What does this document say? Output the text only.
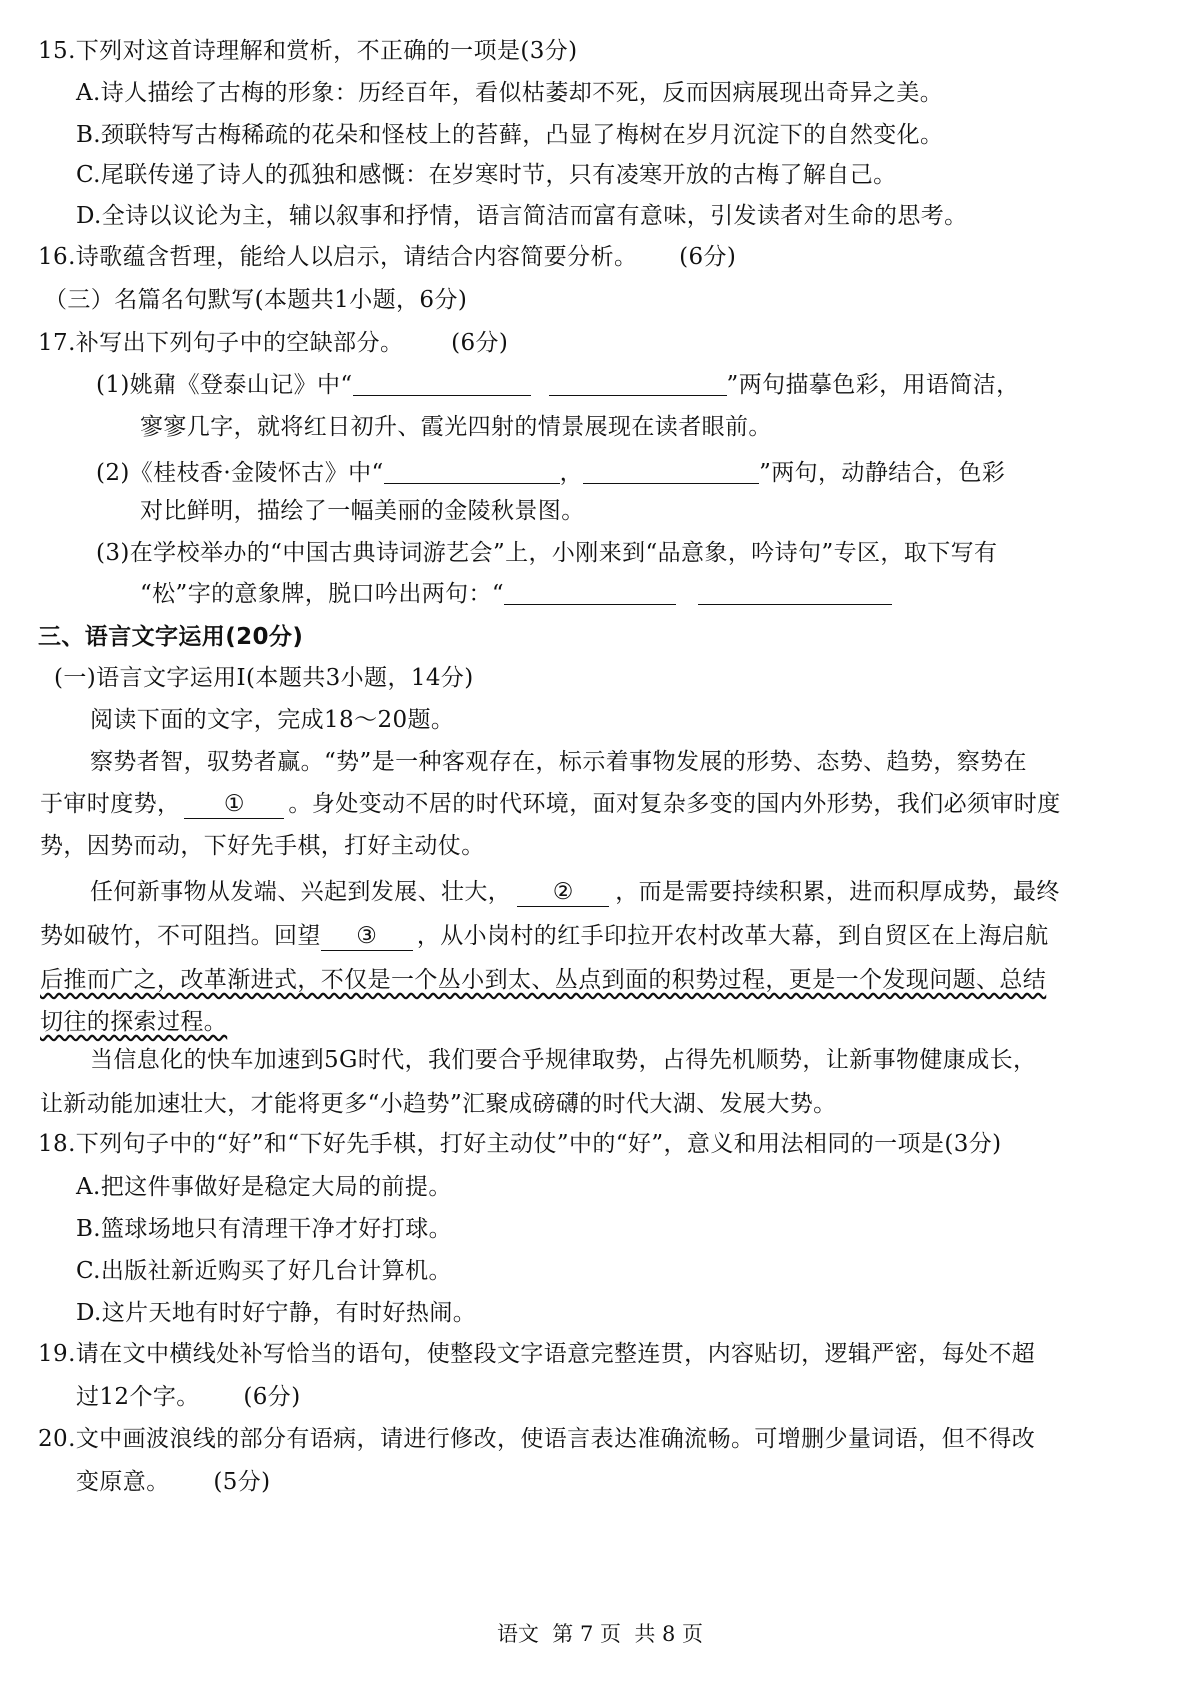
15.下列对这首诗理解和赏析，不正确的一项是(3分)
A.诗人描绘了古梅的形象：历经百年，看似枯萎却不死，反而因病展现出奇异之美。
B.颈联特写古梅稀疏的花朵和怪枝上的苔藓，凸显了梅树在岁月沉淀下的自然变化。
C.尾联传递了诗人的孤独和感慨：在岁寒时节，只有凌寒开放的古梅了解自己。
D.全诗以议论为主，辅以叙事和抒情，语言简洁而富有意味，引发读者对生命的思考。
16.诗歌蕴含哲理，能给人以启示，请结合内容简要分析。 (6分)
（三）名篇名句默写(本题共1小题，6分)
17.补写出下列句子中的空缺部分。 (6分)
(1)姚鼐《登泰山记》中“	”两句描摹色彩，用语简洁，
寥寥几字，就将红日初升、霞光四射的情景展现在读者眼前。
(2)《桂枝香·金陵怀古》中“	，	”两句，动静结合，色彩
对比鲜明，描绘了一幅美丽的金陵秋景图。
(3)在学校举办的“中国古典诗词游艺会”上，小刚来到“品意象，吟诗句”专区，取下写有
“松”字的意象牌，脱口吟出两句：“
三、语言文字运用(20分)
(一)语言文字运用I(本题共3小题，14分)
阅读下面的文字，完成18～20题。
察势者智，驭势者赢。“势”是一种客观存在，标示着事物发展的形势、态势、趋势，察势在
于审时度势， ① 。身处变动不居的时代环境，面对复杂多变的国内外形势，我们必须审时度
势，因势而动，下好先手棋，打好主动仗。
任何新事物从发端、兴起到发展、壮大， ② ，而是需要持续积累，进而积厚成势，最终
势如破竹，不可阻挡。回望 ③ ，从小岗村的红手印拉开农村改革大幕，到自贸区在上海启航
后推而广之，改革渐进式，不仅是一个丛小到太、丛点到面的积势过程，更是一个发现问题、总结
切往的探索过程。
当信息化的快车加速到5G时代，我们要合乎规律取势，占得先机顺势，让新事物健康成长，
让新动能加速壮大，才能将更多“小趋势”汇聚成磅礴的时代大湖、发展大势。
18.下列句子中的“好”和“下好先手棋，打好主动仗”中的“好”，意义和用法相同的一项是(3分)
A.把这件事做好是稳定大局的前提。
B.篮球场地只有清理干净才好打球。
C.出版社新近购买了好几台计算机。
D.这片天地有时好宁静，有时好热闹。
19.请在文中横线处补写恰当的语句，使整段文字语意完整连贯，内容贴切，逻辑严密，每处不超
过12个字。 (6分)
20.文中画波浪线的部分有语病，请进行修改，使语言表达准确流畅。可增删少量词语，但不得改
变原意。 (5分)
语文  第 7 页  共 8 页
